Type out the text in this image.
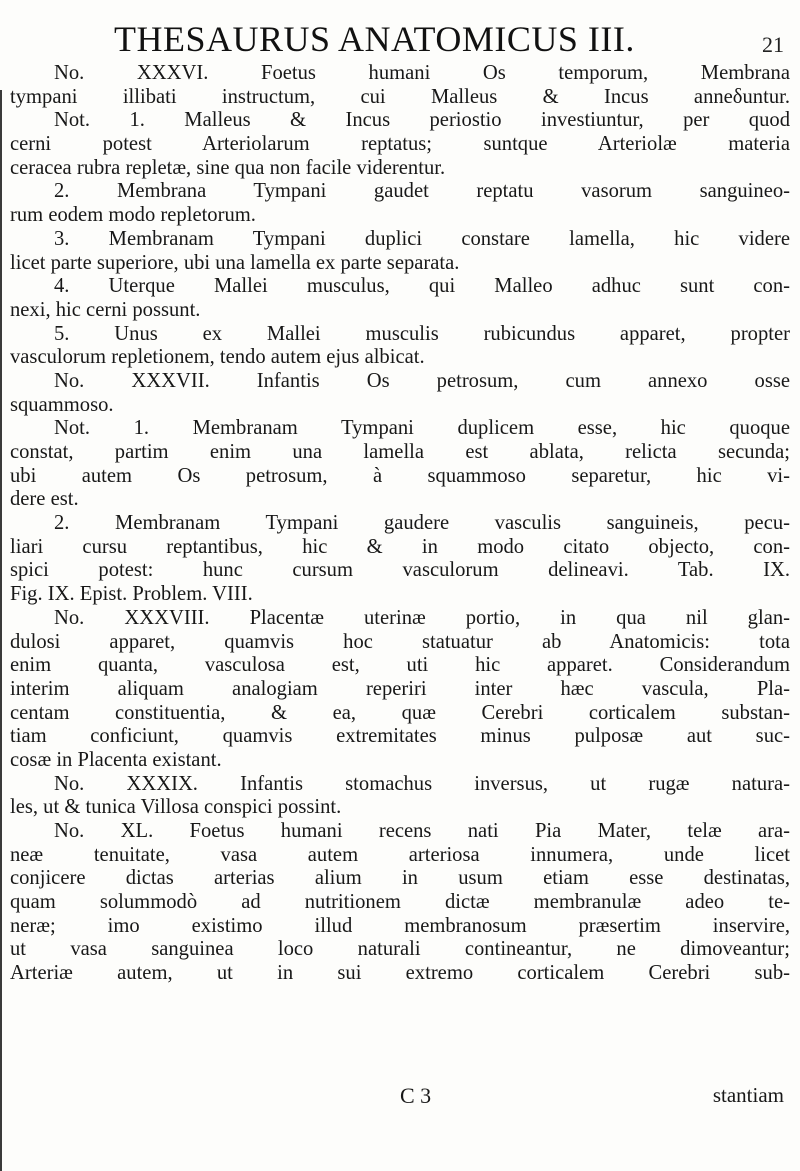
THESAURUS ANATOMICUS III.	21
No. XXXVI. Foetus humani Os temporum, Membrana
tympani illibati instructum, cui Malleus & Incus anneδuntur.
Not. 1. Malleus & Incus periostio investiuntur, per quod
cerni potest Arteriolarum reptatus; suntque Arteriolæ materia
ceracea rubra repletæ, sine qua non facile viderentur.
2. Membrana Tympani gaudet reptatu vasorum sanguineo-
rum eodem modo repletorum.
3. Membranam Tympani duplici constare lamella, hic videre
licet parte superiore, ubi una lamella ex parte separata.
4. Uterque Mallei musculus, qui Malleo adhuc sunt con-
nexi, hic cerni possunt.
5. Unus ex Mallei musculis rubicundus apparet, propter
vasculorum repletionem, tendo autem ejus albicat.
No. XXXVII. Infantis Os petrosum, cum annexo osse
squammoso.
Not. 1. Membranam Tympani duplicem esse, hic quoque
constat, partim enim una lamella est ablata, relicta secunda;
ubi autem Os petrosum, à squammoso separetur, hic vi-
dere est.
2. Membranam Tympani gaudere vasculis sanguineis, pecu-
liari cursu reptantibus, hic & in modo citato objecto, con-
spici potest: hunc cursum vasculorum delineavi. Tab. IX.
Fig. IX. Epist. Problem. VIII.
No. XXXVIII. Placentæ uterinæ portio, in qua nil glan-
dulosi apparet, quamvis hoc statuatur ab Anatomicis: tota
enim quanta, vasculosa est, uti hic apparet. Considerandum
interim aliquam analogiam reperiri inter hæc vascula, Pla-
centam constituentia, & ea, quæ Cerebri corticalem substan-
tiam conficiunt, quamvis extremitates minus pulposæ aut suc-
cosæ in Placenta existant.
No. XXXIX. Infantis stomachus inversus, ut rugæ natura-
les, ut & tunica Villosa conspici possint.
No. XL. Foetus humani recens nati Pia Mater, telæ ara-
neæ tenuitate, vasa autem arteriosa innumera, unde licet
conjicere dictas arterias alium in usum etiam esse destinatas,
quam solummodò ad nutritionem dictæ membranulæ adeo te-
neræ; imo existimo illud membranosum præsertim inservire,
ut vasa sanguinea loco naturali contineantur, ne dimoveantur;
Arteriæ autem, ut in sui extremo corticalem Cerebri sub-
C 3	stantiam
